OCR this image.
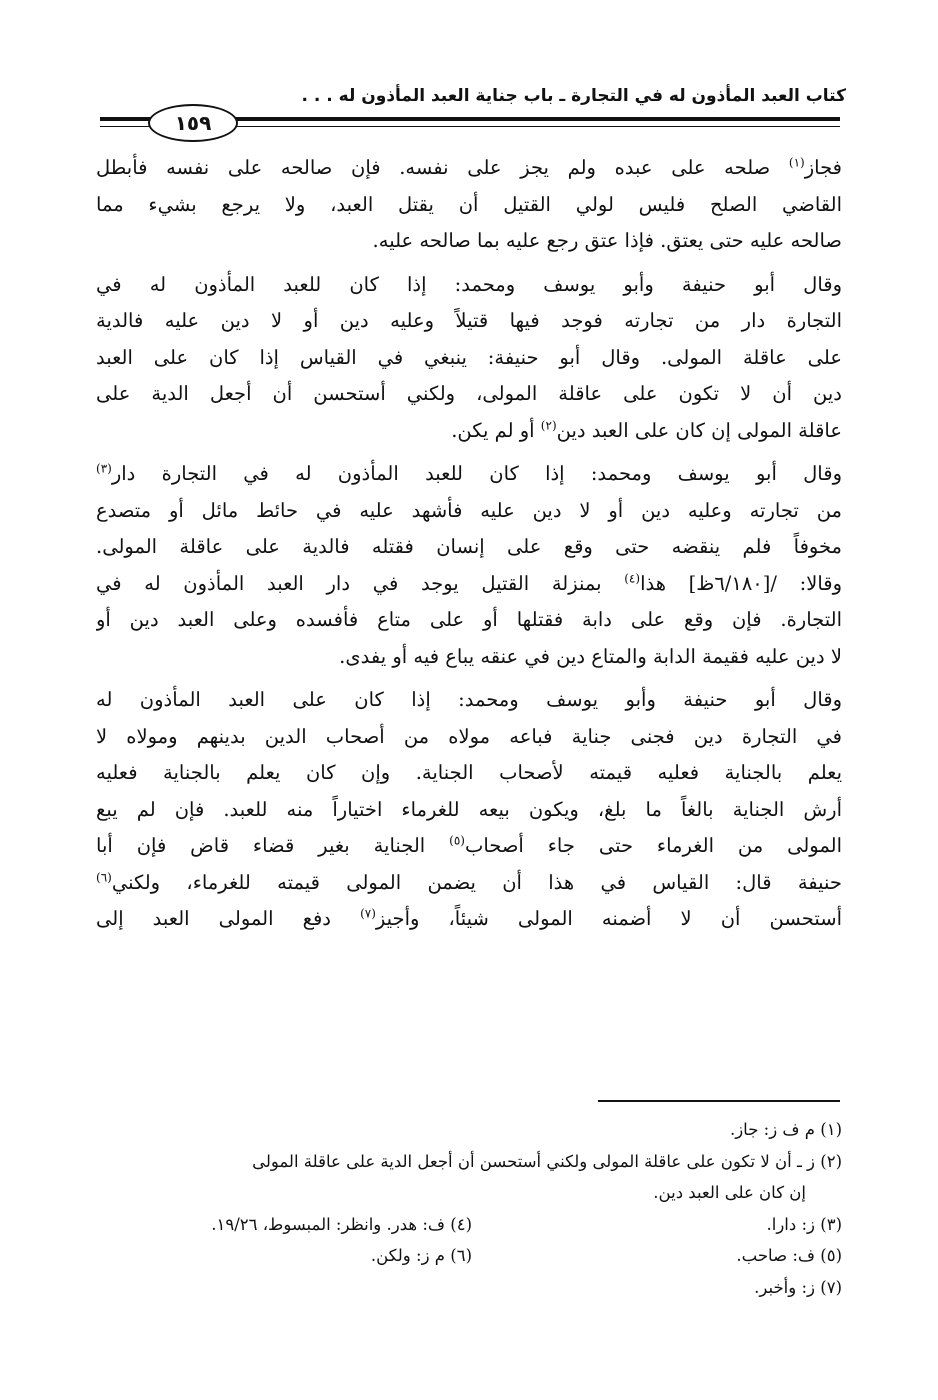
كتاب العبد المأذون له في التجارة ـ باب جناية العبد المأذون له . . .
١٥٩
فجاز$^{(١)}$ صلحه على عبده ولم يجز على نفسه. فإن صالحه على نفسه فأبطل
القاضي الصلح فليس لولي القتيل أن يقتل العبد، ولا يرجع بشيء مما
صالحه عليه حتى يعتق. فإذا عتق رجع عليه بما صالحه عليه.
وقال أبو حنيفة وأبو يوسف ومحمد: إذا كان للعبد المأذون له في
التجارة دار من تجارته فوجد فيها قتيلاً وعليه دين أو لا دين عليه فالدية
على عاقلة المولى. وقال أبو حنيفة: ينبغي في القياس إذا كان على العبد
دين أن لا تكون على عاقلة المولى، ولكني أستحسن أن أجعل الدية على
عاقلة المولى إن كان على العبد دين$^{(٢)}$ أو لم يكن.
وقال أبو يوسف ومحمد: إذا كان للعبد المأذون له في التجارة دار$^{(٣)}$
من تجارته وعليه دين أو لا دين عليه فأشهد عليه في حائط مائل أو متصدع
مخوفاً فلم ينقضه حتى وقع على إنسان فقتله فالدية على عاقلة المولى.
وقالا: /[٦/١٨٠ظ] هذا$^{(٤)}$ بمنزلة القتيل يوجد في دار العبد المأذون له في
التجارة. فإن وقع على دابة فقتلها أو على متاع فأفسده وعلى العبد دين أو
لا دين عليه فقيمة الدابة والمتاع دين في عنقه يباع فيه أو يفدى.
وقال أبو حنيفة وأبو يوسف ومحمد: إذا كان على العبد المأذون له
في التجارة دين فجنى جناية فباعه مولاه من أصحاب الدين بدينهم ومولاه لا
يعلم بالجناية فعليه قيمته لأصحاب الجناية. وإن كان يعلم بالجناية فعليه
أرش الجناية بالغاً ما بلغ، ويكون بيعه للغرماء اختياراً منه للعبد. فإن لم يبع
المولى من الغرماء حتى جاء أصحاب$^{(٥)}$ الجناية بغير قضاء قاض فإن أبا
حنيفة قال: القياس في هذا أن يضمن المولى قيمته للغرماء، ولكني$^{(٦)}$
أستحسن أن لا أضمنه المولى شيئاً، وأجيز$^{(٧)}$ دفع المولى العبد إلى
(١) م ف ز: جاز.
(٢) ز ـ أن لا تكون على عاقلة المولى ولكني أستحسن أن أجعل الدية على عاقلة المولى
إن كان على العبد دين.
(٣) ز: دارا.
(٤) ف: هدر. وانظر: المبسوط، ١٩/٢٦.
(٥) ف: صاحب.
(٦) م ز: ولكن.
(٧) ز: وأخبر.
